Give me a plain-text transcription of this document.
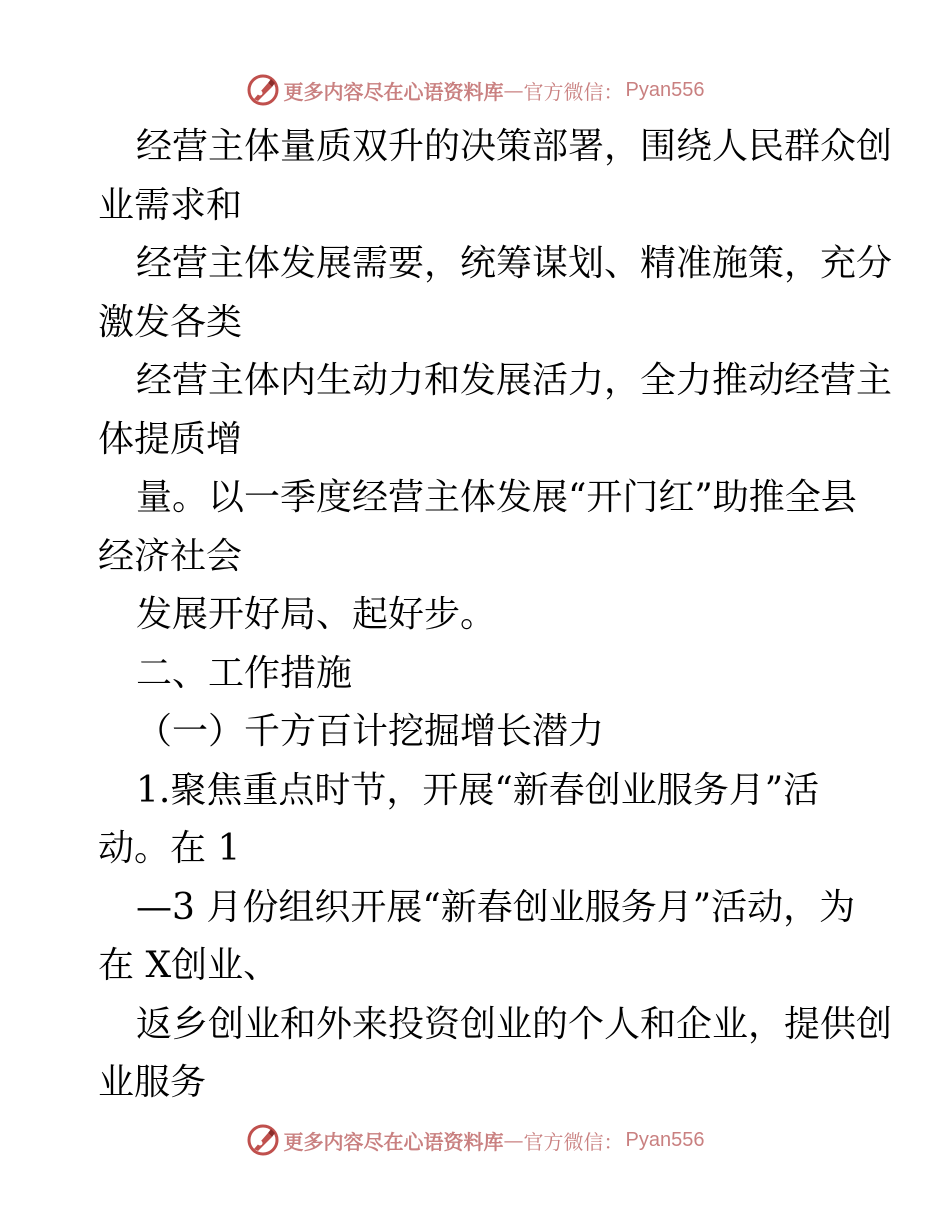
更多内容尽在心语资料库 — 官方微信： Pyan556
经营主体量质双升的决策部署，围绕人民群众创
业需求和
经营主体发展需要，统筹谋划、精准施策，充分
激发各类
经营主体内生动力和发展活力，全力推动经营主
体提质增
量。以一季度经营主体发展“开门红”助推全县
经济社会
发展开好局、起好步。
二、工作措施
（一）千方百计挖掘增长潜力
1.聚焦重点时节，开展“新春创业服务月”活
动。在 1
—3 月份组织开展“新春创业服务月”活动，为
在 X创业、
返乡创业和外来投资创业的个人和企业，提供创
业服务
更多内容尽在心语资料库 — 官方微信： Pyan556
